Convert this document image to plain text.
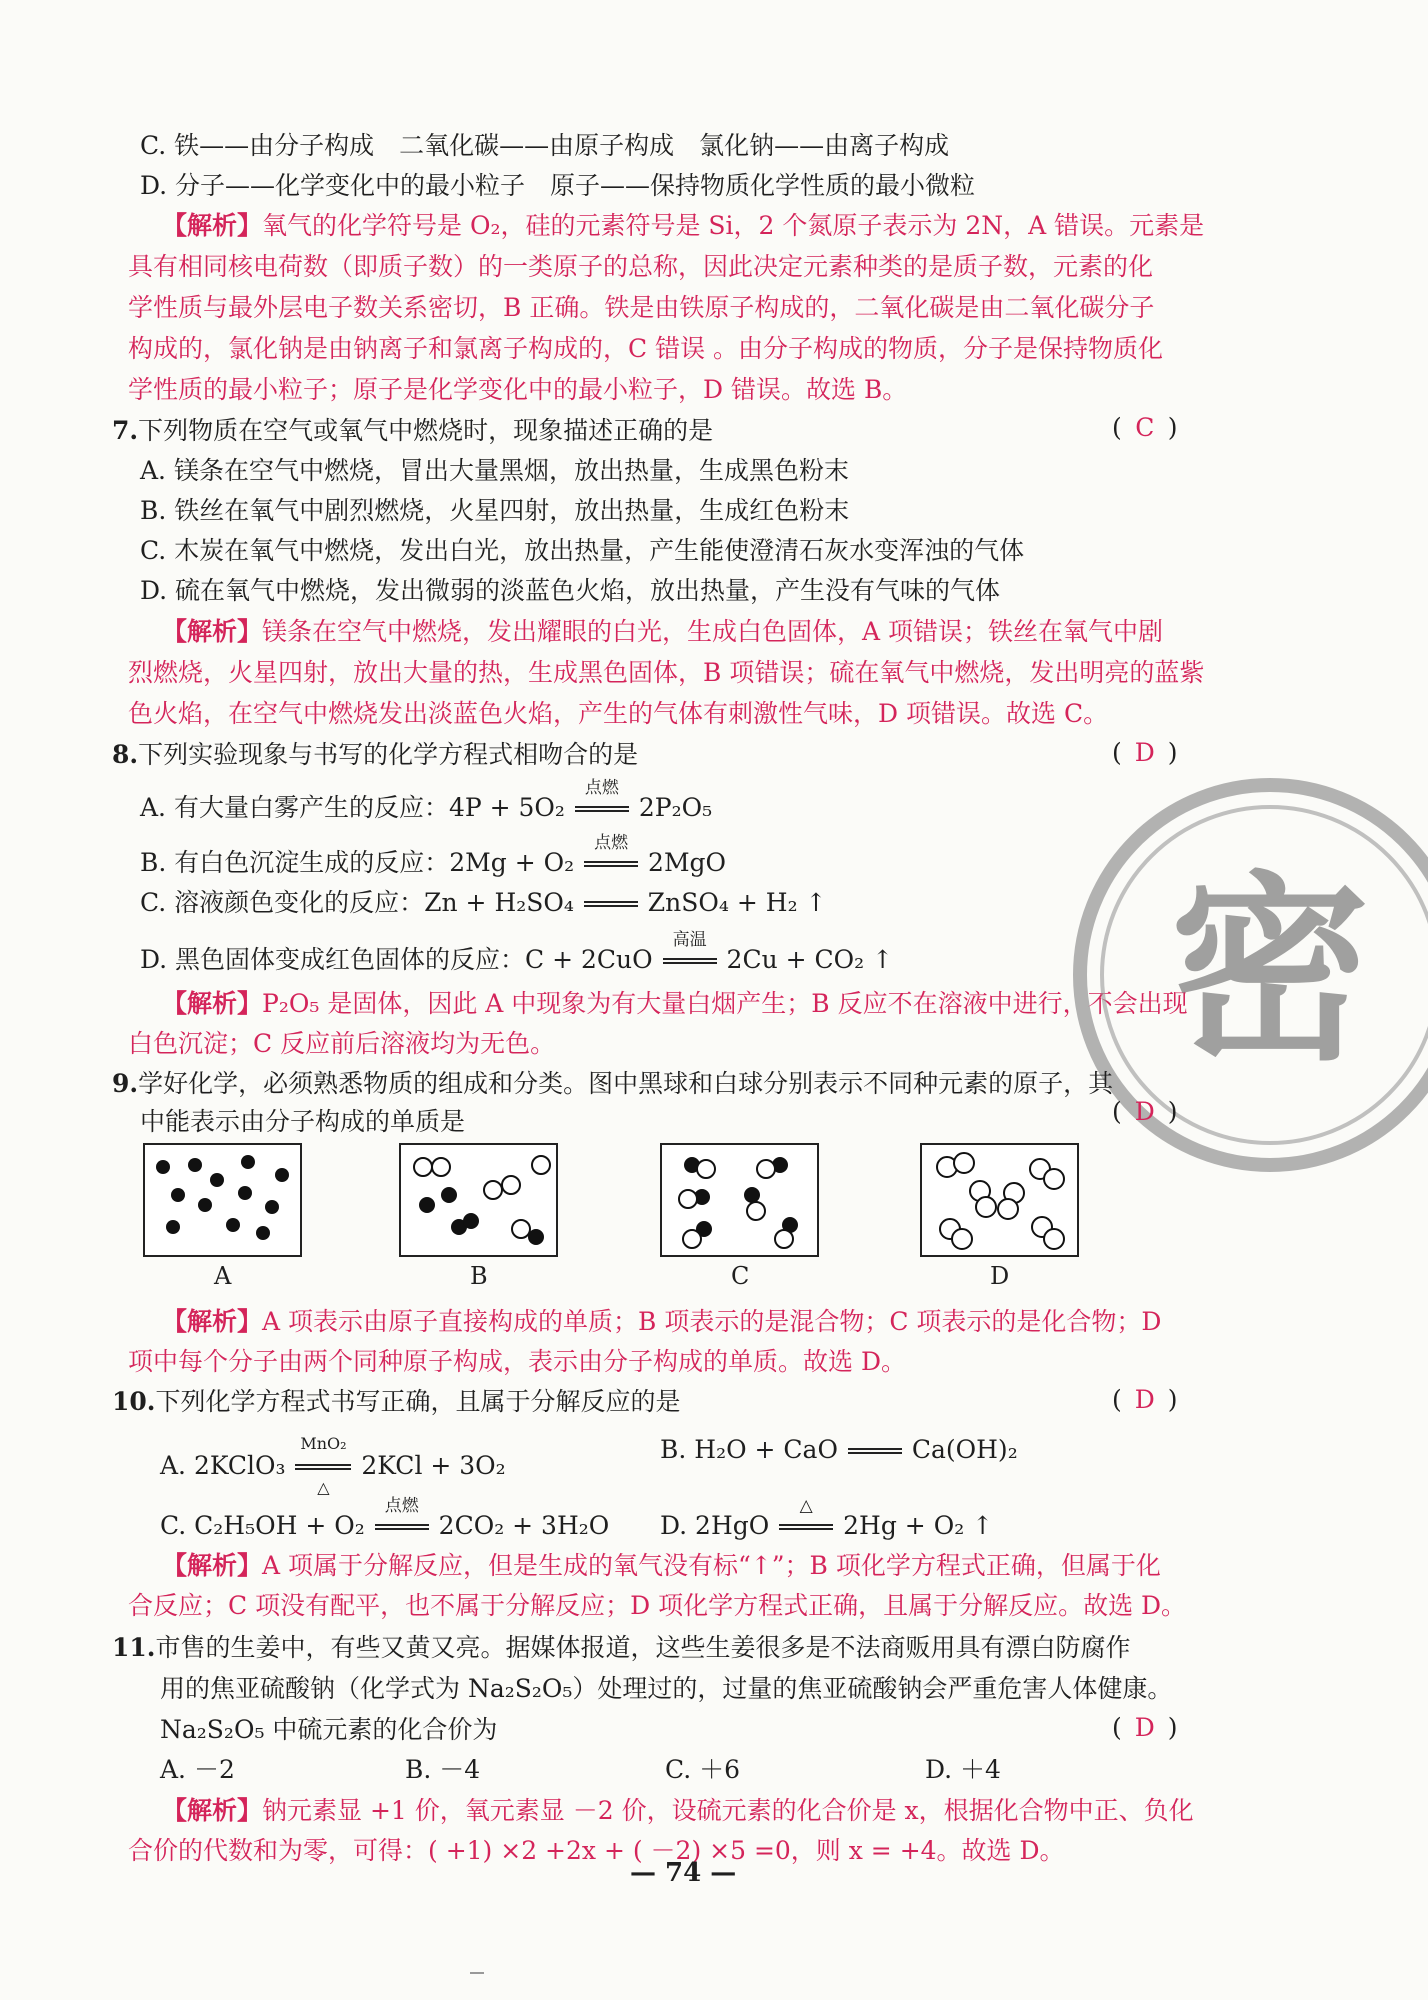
C. 铁——由分子构成　二氧化碳——由原子构成　氯化钠——由离子构成
D. 分子——化学变化中的最小粒子　原子——保持物质化学性质的最小微粒
【解析】氧气的化学符号是 O₂，硅的元素符号是 Si，2 个氮原子表示为 2N，A 错误。元素是
具有相同核电荷数（即质子数）的一类原子的总称，因此决定元素种类的是质子数，元素的化
学性质与最外层电子数关系密切，B 正确。铁是由铁原子构成的，二氧化碳是由二氧化碳分子
构成的，氯化钠是由钠离子和氯离子构成的，C 错误 。由分子构成的物质，分子是保持物质化
学性质的最小粒子；原子是化学变化中的最小粒子，D 错误。故选 B。
7.下列物质在空气或氧气中燃烧时，现象描述正确的是	( C )
A. 镁条在空气中燃烧，冒出大量黑烟，放出热量，生成黑色粉末
B. 铁丝在氧气中剧烈燃烧，火星四射，放出热量，生成红色粉末
C. 木炭在氧气中燃烧，发出白光，放出热量，产生能使澄清石灰水变浑浊的气体
D. 硫在氧气中燃烧，发出微弱的淡蓝色火焰，放出热量，产生没有气味的气体
【解析】镁条在空气中燃烧，发出耀眼的白光，生成白色固体，A 项错误；铁丝在氧气中剧
烈燃烧，火星四射，放出大量的热，生成黑色固体，B 项错误；硫在氧气中燃烧，发出明亮的蓝紫
色火焰，在空气中燃烧发出淡蓝色火焰，产生的气体有刺激性气味，D 项错误。故选 C。
8.下列实验现象与书写的化学方程式相吻合的是	( D )
A. 有大量白雾产生的反应：4P + 5O₂
点燃
2P₂O₅
B. 有白色沉淀生成的反应：2Mg + O₂
点燃
2MgO
C. 溶液颜色变化的反应：Zn + H₂SO₄
ZnSO₄ + H₂ ↑
D. 黑色固体变成红色固体的反应：C + 2CuO
高温
2Cu + CO₂ ↑
【解析】P₂O₅ 是固体，因此 A 中现象为有大量白烟产生；B 反应不在溶液中进行，不会出现
白色沉淀；C 反应前后溶液均为无色。	密
9.学好化学，必须熟悉物质的组成和分类。图中黑球和白球分别表示不同种元素的原子，其
中能表示由分子构成的单质是	( D )
A	B	C	D
【解析】A 项表示由原子直接构成的单质；B 项表示的是混合物；C 项表示的是化合物；D
项中每个分子由两个同种原子构成，表示由分子构成的单质。故选 D。
10.下列化学方程式书写正确，且属于分解反应的是	( D )
A. 2KClO₃
MnO₂
△
2KCl + 3O₂
B. H₂O + CaO
Ca(OH)₂
C. C₂H₅OH + O₂
点燃
2CO₂ + 3H₂O D. 2HgO
△
2Hg + O₂ ↑
【解析】A 项属于分解反应，但是生成的氧气没有标“↑”；B 项化学方程式正确，但属于化
合反应；C 项没有配平，也不属于分解反应；D 项化学方程式正确，且属于分解反应。故选 D。
11.市售的生姜中，有些又黄又亮。据媒体报道，这些生姜很多是不法商贩用具有漂白防腐作
用的焦亚硫酸钠（化学式为 Na₂S₂O₅）处理过的，过量的焦亚硫酸钠会严重危害人体健康。
Na₂S₂O₅ 中硫元素的化合价为	( D )
A. －2	B. －4	C. ＋6	D. ＋4
【解析】钠元素显 +1 价，氧元素显 －2 价，设硫元素的化合价是 x，根据化合物中正、负化
合价的代数和为零，可得：( +1) ×2 +2x + ( －2) ×5 =0，则 x = +4。故选 D。
— 74 —
